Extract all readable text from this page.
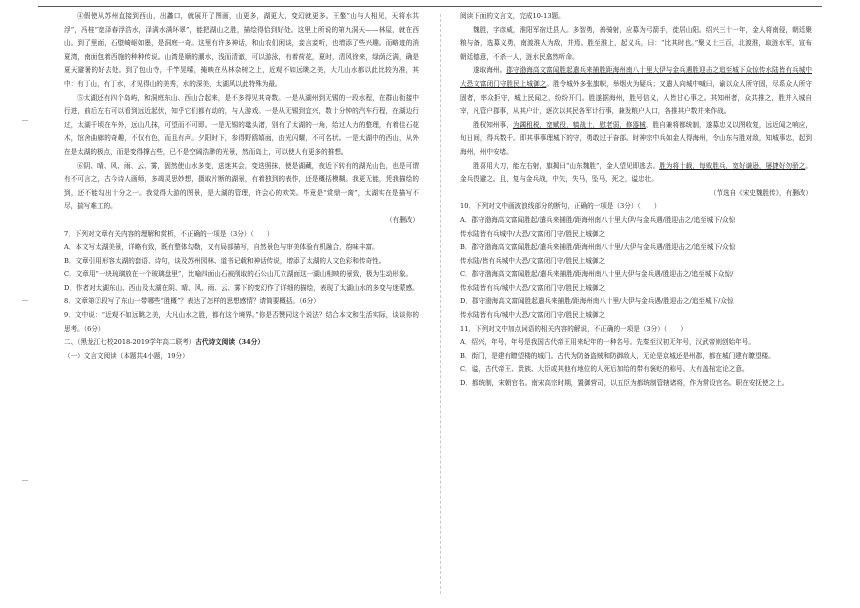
④假使从苏州直接到西山，出蠡口，就展开了图画，山更多，湖更大，变幻就更多。王鏊“山与人相见，天将水共浮”，冯桂“宽泽春浮浩水，泽满水满环翠”，能把湖山之胜，描绘得恰到好处。这里上所说的第九洞天——林屋，就在西山。到了里面，石壁崎岖如墨，是洞庭一奇。这里有许多神话，和山农们闲谈，妾言妾听，也增添了些兴趣。而略迹的消夏湾，南面包着西施的种种传说。山湾是顺的潮水，浅而清澈，可以游泳，有着荷花，夏时，清风徐来，绿荫泛满，确是夏天避暑的好去处。到了包山寺，千竿晃嗦，掩映在丛林杂树之上，近观不如远眺之美，大几山水都以此比较为准，其中：有丁山，有丁水，才见得山的美秀，水的深美，太湖风以此特殊为最。

⑤太湖还有四个岛屿，和洞庭东山、西山合起来，是不多得见其奇数。一是从湖州到无锡的一段水程，在群山衔接中行进，前后左右可以看到远近起伏，知乎它们都有动的，与人游戏。一是从无锡到宜兴，数十分钟的汽车行程，在湖边行过，太湖千顷在车外，远山几抹，可望而不可即。一是无锡的鼋头渚，别有了太湖的一角，给过人力的整理，有着佳石花木，馆舍曲廊的奇趣，不仅有色，而且有声。夕阳时下，参得野鸥嬉面，由光闪耀，不可名状。一是太湖中的西山，从外在是太湖的极点，而是变得撑占些，已不是空阔浩渺的光景，然而岛上，可以使人有更多的推想。

⑥阴、晴、风、雨、云、雾，固然使山水多变，送迷其会，变迭照抹，使是湖藏，夜近下转有的湖光山色，也是可谓有不可言之，古今诗人画师，多竭灵思妙想，摄取片断的湖景，有着独到的表作，还是概括模糊。我更无能，凭我描绘的到，还不能勾出十分之一。我觉得大游的图景，是大湖的管理，许会心的欢笑。毕竟是“赏鼎一脔”，太湖实在是描写不尽，揣写难工的。

（有删改）

7．下列对文章有关内容的理解和赏析，不正确的一项是（3分）（　　）

A．本文写太湖美景，详略有致，既有整体勾勒，又有局部描写，自然景色与审美体验有机融合，韵味丰富。

B．文章引用形容太湖的套语、诗句，谈及苏州园林、道书记载和神话传说，增添了太湖的人文色彩和传奇性。

C．文章用“一块琉璃放在一个玻璃盘里”，比喻四面山石被削取的石公山兀立湖面这一湖山相映的景致，极为生动形象。

D．作者对太湖东山、西山及太湖在阴、晴、风、雨、云、雾下的变幻作了详细的描绘，表现了太湖山水的多变与迷蒙感。

8．文章第②段写了东山一带哪些“胜概”？表达了怎样的思想感情？请简要概括。（6分）

9．文中说：“近观不如远眺之美，大凡山水之胜，都有这个境界。”你是否赞同这个说法？结合本文和生活实际，谈谈你的思考。（6分）

二、（黑龙江七校2018-2019学年高二联考）古代诗文阅读（34分）

（一）文言文阅读（本题共4小题，19分）

阅读下面的文言文，完成10-13题。

魏胜，字彦威，淮阳军宿迁县人。多智勇，善骑射，应募为弓箭手，徙居山阳。绍兴三十一年，金人将南侵，朝廷聚粮与备，选募义勇，南渡淮人为敌，并焉。胜至淮上，起义兵，曰：“比其时也。”聚义士三百，北渡淮，取涟水军，宣布朝廷德意，不杀一人，涟水民翕然听命。

遂取海州。郡守渤海高文富闻胜起遣兵来捕胜距海州南八十里大伊与金兵遇胜迎击之追至城下众惊传水陆皆有兵城中大恐文富闭门守胜民上城御之。胜令城外多张旗帜，举烟火为疑兵；又遣人向城中喊曰，谕以众人所守固，尽系众人所守固者，率众拒守，城上民闻之，纷纷开门。胜遂据海州，胜号信义，人皆甘心事之。其知州者，众共推之，胜并入城自宰，凡管户郡事，从其户计，逐次以其民各军计行事，兼发粮户人口，各推其户数并来作战。

胜权知州事，为蠲租税，宽赋役，犒战士，慰老弱，修器械，胜自兼将都统制，遂募忠义以图收复，远近闻之响应，旬日间，得兵数千。即其事事理城下的守，勇敢过于奋部。时神宗中兵如金人得海州，令山东与胜对敌，知城事忠，起到海州，州中安堵。

胜喜用大刀，能左右射，旗揭曰“山东魏胜”，金人望见即逃去。胜为将十载，每败胜兵，宽好谦逊，屡捷好勿骄之。金兵畏避之。且，复与金兵战，中矢，失马，坠马，死之，谥忠壮。

（节选自《宋史魏胜传》，有删改）

10．下列对文中画波浪线部分的断句，正确的一项是（3分）（　　）

A．郡守渤海高文富闻胜起/遣兵来捕胜/距海州南八十里大伊/与金兵遇/胜迎击之/追至城下/众惊

传水陆皆有兵城中/大恐/文富闭门守/胜民上城御之

B．郡守渤海高文富闻胜起/遣兵来捕胜/距海州南八十里/大伊与金兵遇/胜迎击之/追至城下/众惊

传水陆/皆有兵城中大恐/文富闭门守/胜民上城御之

C．郡守渤海高文富闻胜起/遣兵来捕胜/距海州南八十里大伊与金兵遇/胜迎击之/追至城下众惊/

传水陆皆有兵/城中大恐/文富闭门守/胜民上城御之

D．郡守渤海高文富闻胜起遣兵来捕胜/距海州南八十里/大伊与金兵遇/胜迎击之/追至城下/众惊

传水陆皆有兵/城中大恐/文富闭门守/胜民上城御之

11．下列对文中加点词语的相关内容的解说，不正确的一项是（3分）（　　）

A．绍兴，年号，年号是我国古代帝王用来纪年的一种名号。先秦至汉初无年号，汉武帝则创始年号。

B．街门，是建有瞭望楼的城门。古代为防备盗贼和防御敌人，无论是京城还是州郡，都在城门建有瞭望楼。

C．谥，古代帝王、贵族、大臣或其他有地位的人死后加给的带有褒贬的称号。大有盖棺定论之意。

D．都统制，宋朝官名。南宋高宗时期，置御营司，以五臣为都统制管辖诸将，作为常设官名。职在安抚使之上。
